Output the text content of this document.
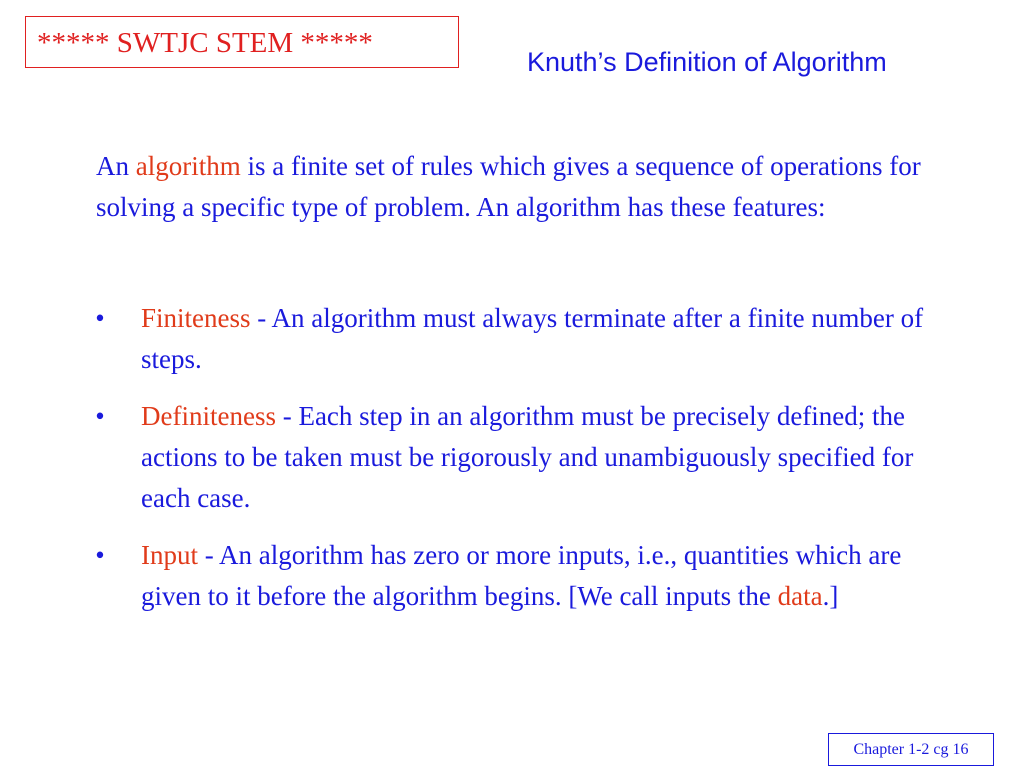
***** SWTJC STEM *****
Knuth’s Definition of Algorithm

An algorithm is a finite set of rules which gives a sequence of operations for solving a specific type of problem. An algorithm has these features:

• Finiteness - An algorithm must always terminate after a finite number of steps.
• Definiteness - Each step in an algorithm must be precisely defined; the actions to be taken must be rigorously and unambiguously specified for each case.
• Input - An algorithm has zero or more inputs, i.e., quantities which are given to it before the algorithm begins. [We call inputs the data.]
Chapter 1-2 cg 16
